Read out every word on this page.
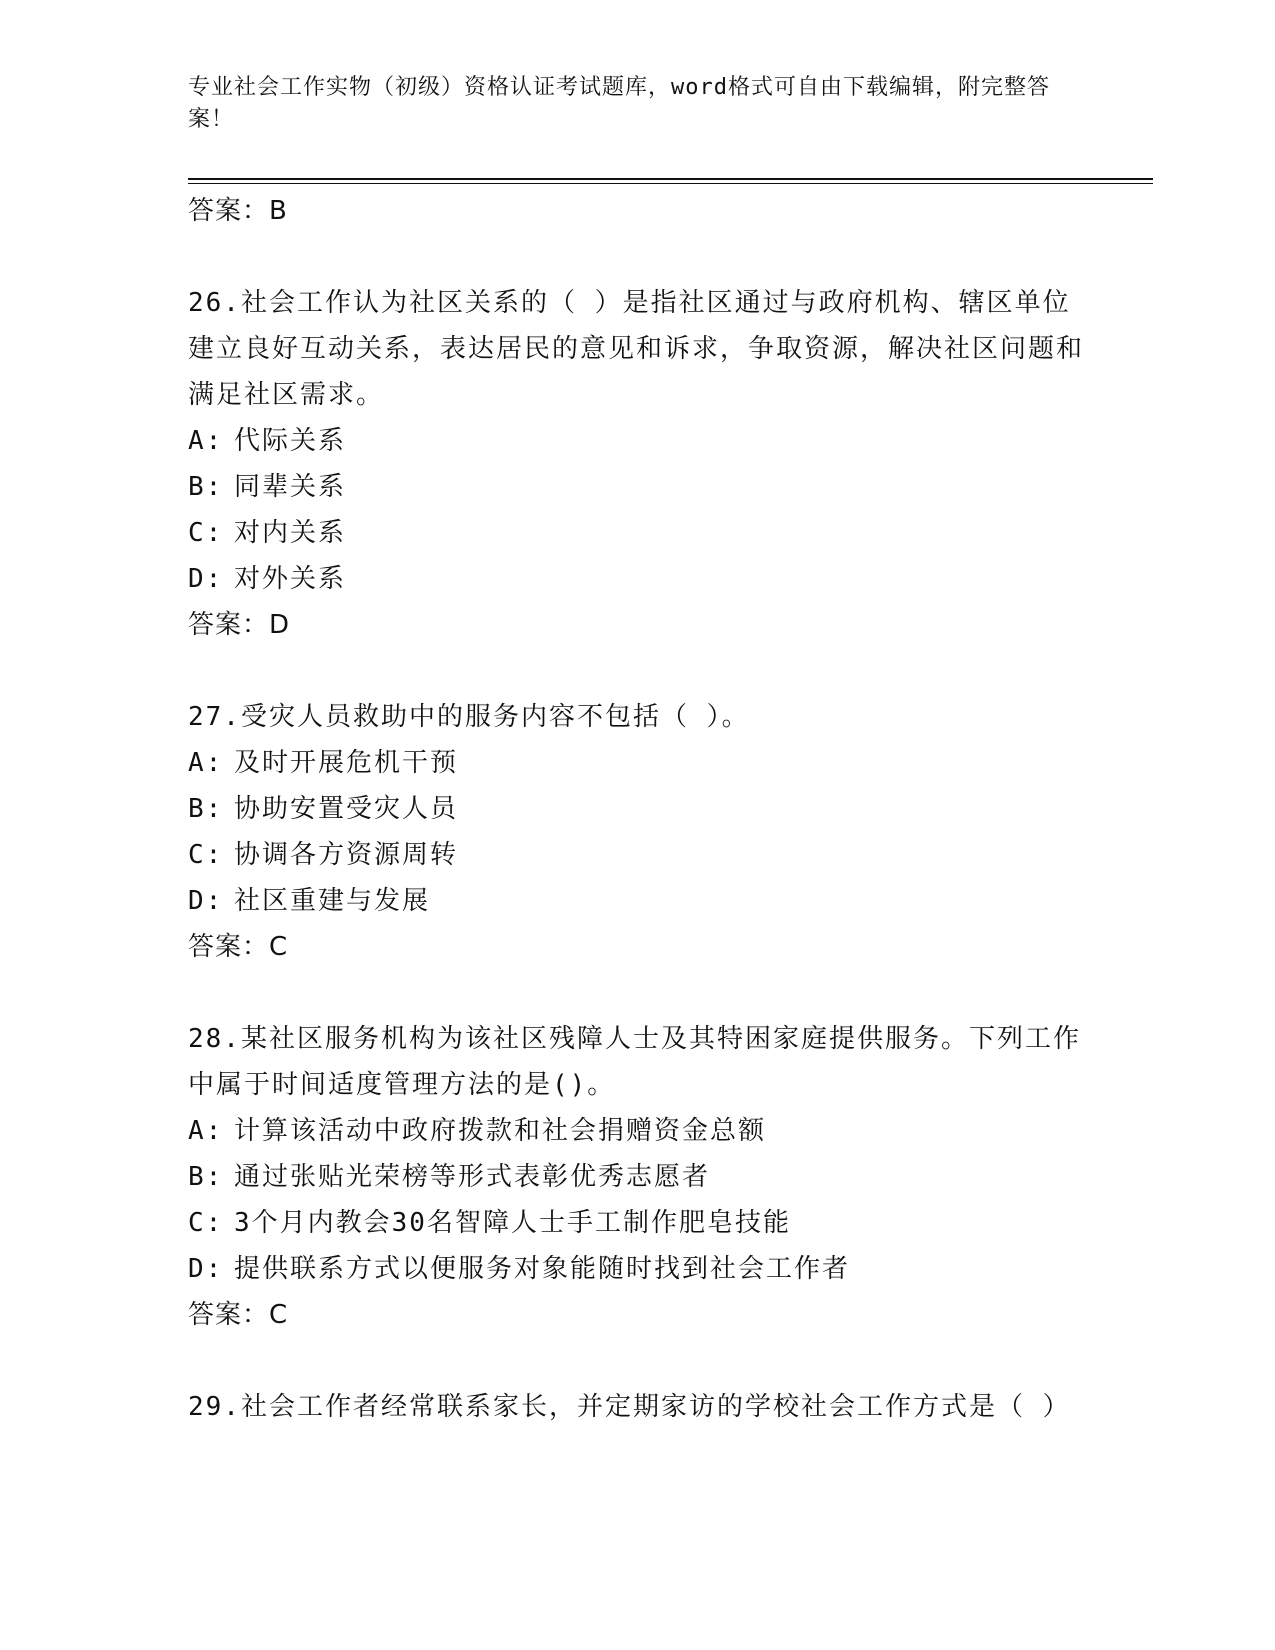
专业社会工作实物（初级）资格认证考试题库，word格式可自由下载编辑，附完整答案！
答案：B

26.社会工作认为社区关系的（ ）是指社区通过与政府机构、辖区单位建立良好互动关系，表达居民的意见和诉求，争取资源，解决社区问题和满足社区需求。

A: 代际关系
B: 同辈关系
C: 对内关系
D: 对外关系
答案：D

27.受灾人员救助中的服务内容不包括（ ）。

A: 及时开展危机干预
B: 协助安置受灾人员
C: 协调各方资源周转
D: 社区重建与发展
答案：C

28.某社区服务机构为该社区残障人士及其特困家庭提供服务。下列工作中属于时间适度管理方法的是()。

A: 计算该活动中政府拨款和社会捐赠资金总额
B: 通过张贴光荣榜等形式表彰优秀志愿者
C: 3个月内教会30名智障人士手工制作肥皂技能
D: 提供联系方式以便服务对象能随时找到社会工作者
答案：C

29.社会工作者经常联系家长，并定期家访的学校社会工作方式是（ ）
